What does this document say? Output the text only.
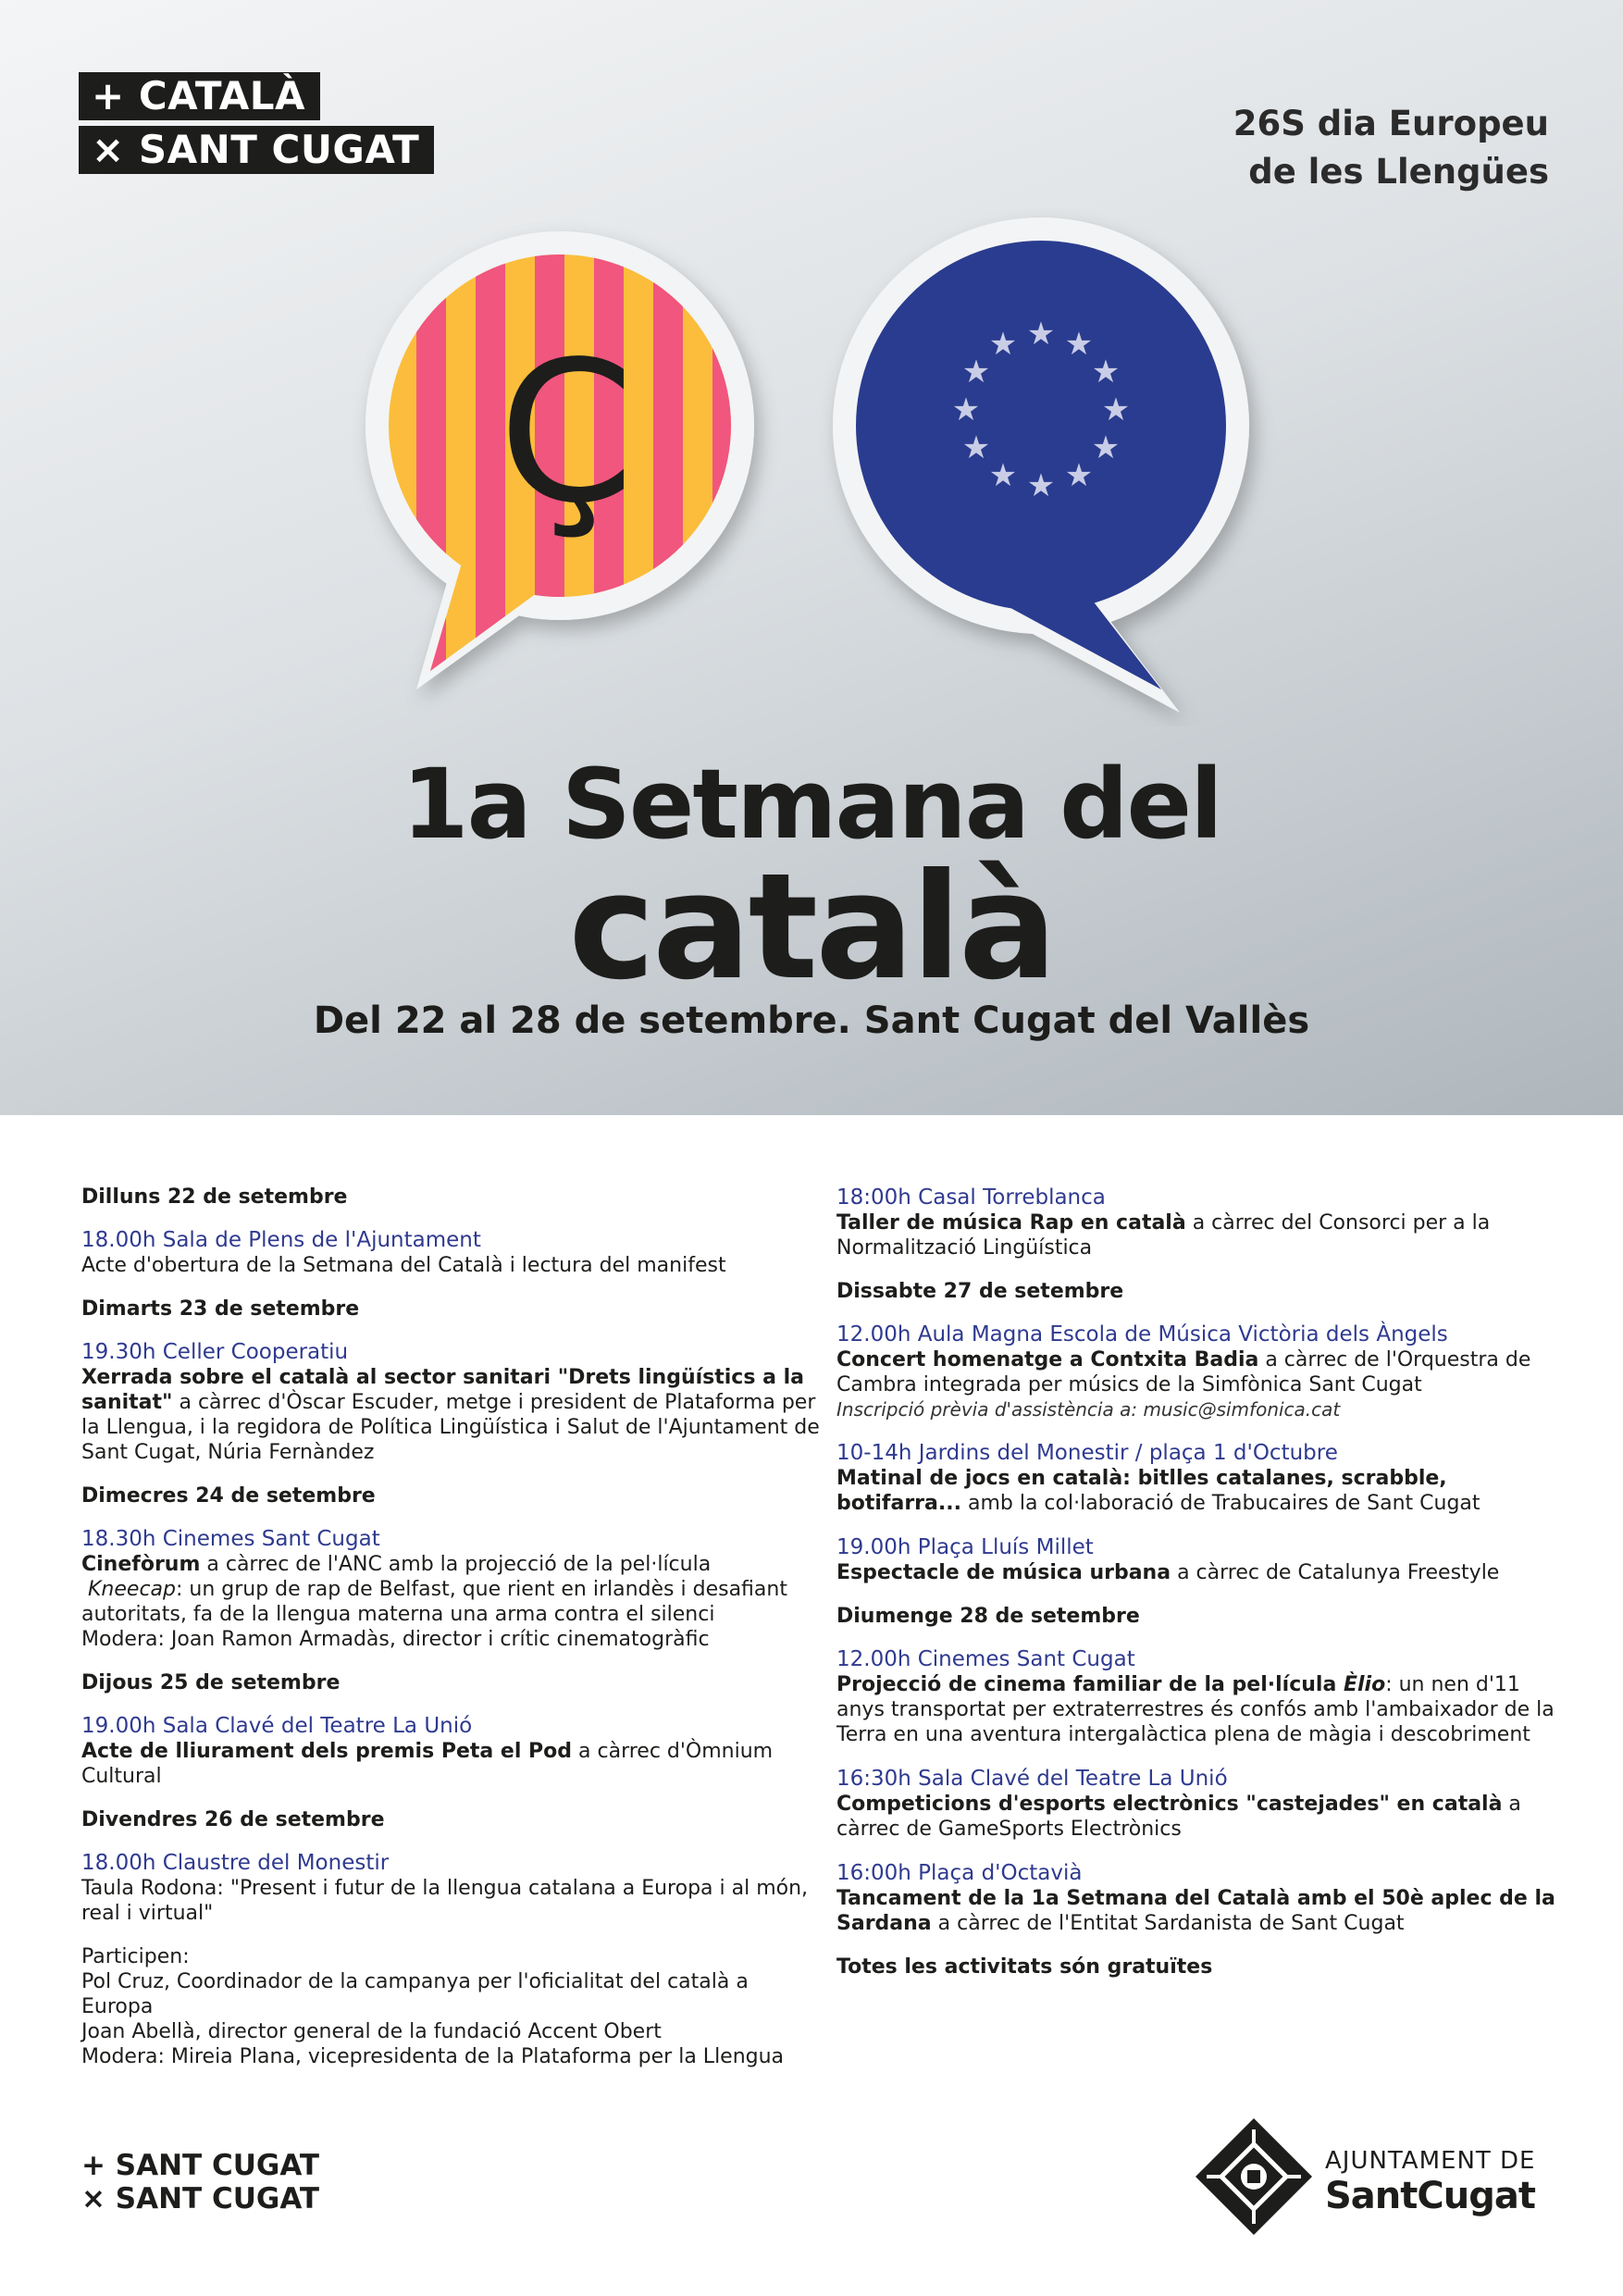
+ CATALÀ
× SANT CUGAT
26S dia Europeu
de les Llengües
Ç	★ ★
★
★
★
★
★
★
★
★
★
★
1a Setmana del
català
Del 22 al 28 de setembre. Sant Cugat del Vallès
Dilluns 22 de setembre
18.00h Sala de Plens de l'Ajuntament
Acte d'obertura de la Setmana del Català i lectura del manifest
Dimarts 23 de setembre
19.30h Celler Cooperatiu
Xerrada sobre el català al sector sanitari "Drets lingüístics a la sanitat" a càrrec d'Òscar Escuder, metge i president de Plataforma per la Llengua, i la regidora de Política Lingüística i Salut de l'Ajuntament de Sant Cugat, Núria Fernàndez
Dimecres 24 de setembre
18.30h Cinemes Sant Cugat
Cinefòrum a càrrec de l'ANC amb la projecció de la pel·lícula
Kneecap: un grup de rap de Belfast, que rient en irlandès i desafiant autoritats, fa de la llengua materna una arma contra el silenci
Modera: Joan Ramon Armadàs, director i crític cinematogràfic
Dijous 25 de setembre
19.00h Sala Clavé del Teatre La Unió
Acte de lliurament dels premis Peta el Pod a càrrec d'Òmnium Cultural
Divendres 26 de setembre
18.00h Claustre del Monestir
Taula Rodona: "Present i futur de la llengua catalana a Europa i al món, real i virtual"
Participen:
Pol Cruz, Coordinador de la campanya per l'oficialitat del català a Europa
Joan Abellà, director general de la fundació Accent Obert
Modera: Mireia Plana, vicepresidenta de la Plataforma per la Llengua
18:00h Casal Torreblanca
Taller de música Rap en català a càrrec del Consorci per a la Normalització Lingüística
Dissabte 27 de setembre
12.00h Aula Magna Escola de Música Victòria dels Àngels
Concert homenatge a Contxita Badia a càrrec de l'Orquestra de Cambra integrada per músics de la Simfònica Sant Cugat
Inscripció prèvia d'assistència a: music@simfonica.cat
10-14h Jardins del Monestir / plaça 1 d'Octubre
Matinal de jocs en català: bitlles catalanes, scrabble, botifarra... amb la col·laboració de Trabucaires de Sant Cugat
19.00h Plaça Lluís Millet
Espectacle de música urbana a càrrec de Catalunya Freestyle
Diumenge 28 de setembre
12.00h Cinemes Sant Cugat
Projecció de cinema familiar de la pel·lícula Èlio: un nen d'11 anys transportat per extraterrestres és confós amb l'ambaixador de la Terra en una aventura intergalàctica plena de màgia i descobriment
16:30h Sala Clavé del Teatre La Unió
Competicions d'esports electrònics "castejades" en català a càrrec de GameSports Electrònics
16:00h Plaça d'Octavià
Tancament de la 1a Setmana del Català amb el 50è aplec de la Sardana a càrrec de l'Entitat Sardanista de Sant Cugat
Totes les activitats són gratuïtes
+ SANT CUGAT
× SANT CUGAT
AJUNTAMENT DE
SantCugat
